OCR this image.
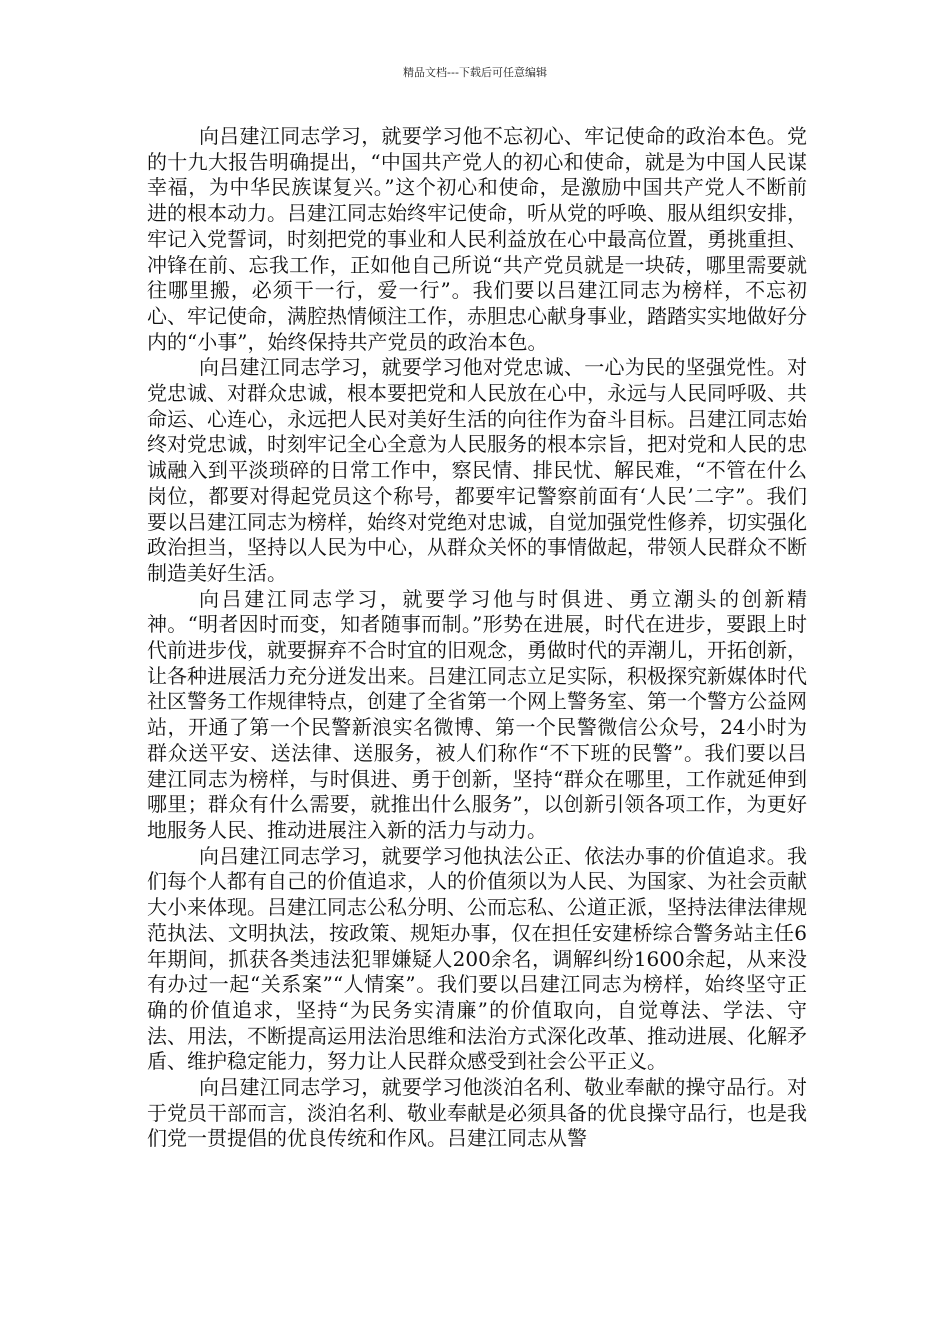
精品文档---下载后可任意编辑

向吕建江同志学习，就要学习他不忘初心、牢记使命的政治本色。党的十九大报告明确提出，“中国共产党人的初心和使命，就是为中国人民谋幸福，为中华民族谋复兴。”这个初心和使命，是激励中国共产党人不断前进的根本动力。吕建江同志始终牢记使命，听从党的呼唤、服从组织安排，牢记入党誓词，时刻把党的事业和人民利益放在心中最高位置，勇挑重担、冲锋在前、忘我工作，正如他自己所说“共产党员就是一块砖，哪里需要就往哪里搬，必须干一行，爱一行”。我们要以吕建江同志为榜样，不忘初心、牢记使命，满腔热情倾注工作，赤胆忠心献身事业，踏踏实实地做好分内的“小事”，始终保持共产党员的政治本色。

向吕建江同志学习，就要学习他对党忠诚、一心为民的坚强党性。对党忠诚、对群众忠诚，根本要把党和人民放在心中，永远与人民同呼吸、共命运、心连心，永远把人民对美好生活的向往作为奋斗目标。吕建江同志始终对党忠诚，时刻牢记全心全意为人民服务的根本宗旨，把对党和人民的忠诚融入到平淡琐碎的日常工作中，察民情、排民忧、解民难，“不管在什么岗位，都要对得起党员这个称号，都要牢记警察前面有‘人民’二字”。我们要以吕建江同志为榜样，始终对党绝对忠诚，自觉加强党性修养，切实强化政治担当，坚持以人民为中心，从群众关怀的事情做起，带领人民群众不断制造美好生活。

向吕建江同志学习，就要学习他与时俱进、勇立潮头的创新精神。“明者因时而变，知者随事而制。”形势在进展，时代在进步，要跟上时代前进步伐，就要摒弃不合时宜的旧观念，勇做时代的弄潮儿，开拓创新，让各种进展活力充分迸发出来。吕建江同志立足实际，积极探究新媒体时代社区警务工作规律特点，创建了全省第一个网上警务室、第一个警方公益网站，开通了第一个民警新浪实名微博、第一个民警微信公众号，24小时为群众送平安、送法律、送服务，被人们称作“不下班的民警”。我们要以吕建江同志为榜样，与时俱进、勇于创新，坚持“群众在哪里，工作就延伸到哪里；群众有什么需要，就推出什么服务”，以创新引领各项工作，为更好地服务人民、推动进展注入新的活力与动力。

向吕建江同志学习，就要学习他执法公正、依法办事的价值追求。我们每个人都有自己的价值追求，人的价值须以为人民、为国家、为社会贡献大小来体现。吕建江同志公私分明、公而忘私、公道正派，坚持法律法律规范执法、文明执法，按政策、规矩办事，仅在担任安建桥综合警务站主任6年期间，抓获各类违法犯罪嫌疑人200余名，调解纠纷1600余起，从来没有办过一起“关系案”“人情案”。我们要以吕建江同志为榜样，始终坚守正确的价值追求，坚持“为民务实清廉”的价值取向，自觉尊法、学法、守法、用法，不断提高运用法治思维和法治方式深化改革、推动进展、化解矛盾、维护稳定能力，努力让人民群众感受到社会公平正义。

向吕建江同志学习，就要学习他淡泊名利、敬业奉献的操守品行。对于党员干部而言，淡泊名利、敬业奉献是必须具备的优良操守品行，也是我们党一贯提倡的优良传统和作风。吕建江同志从警
